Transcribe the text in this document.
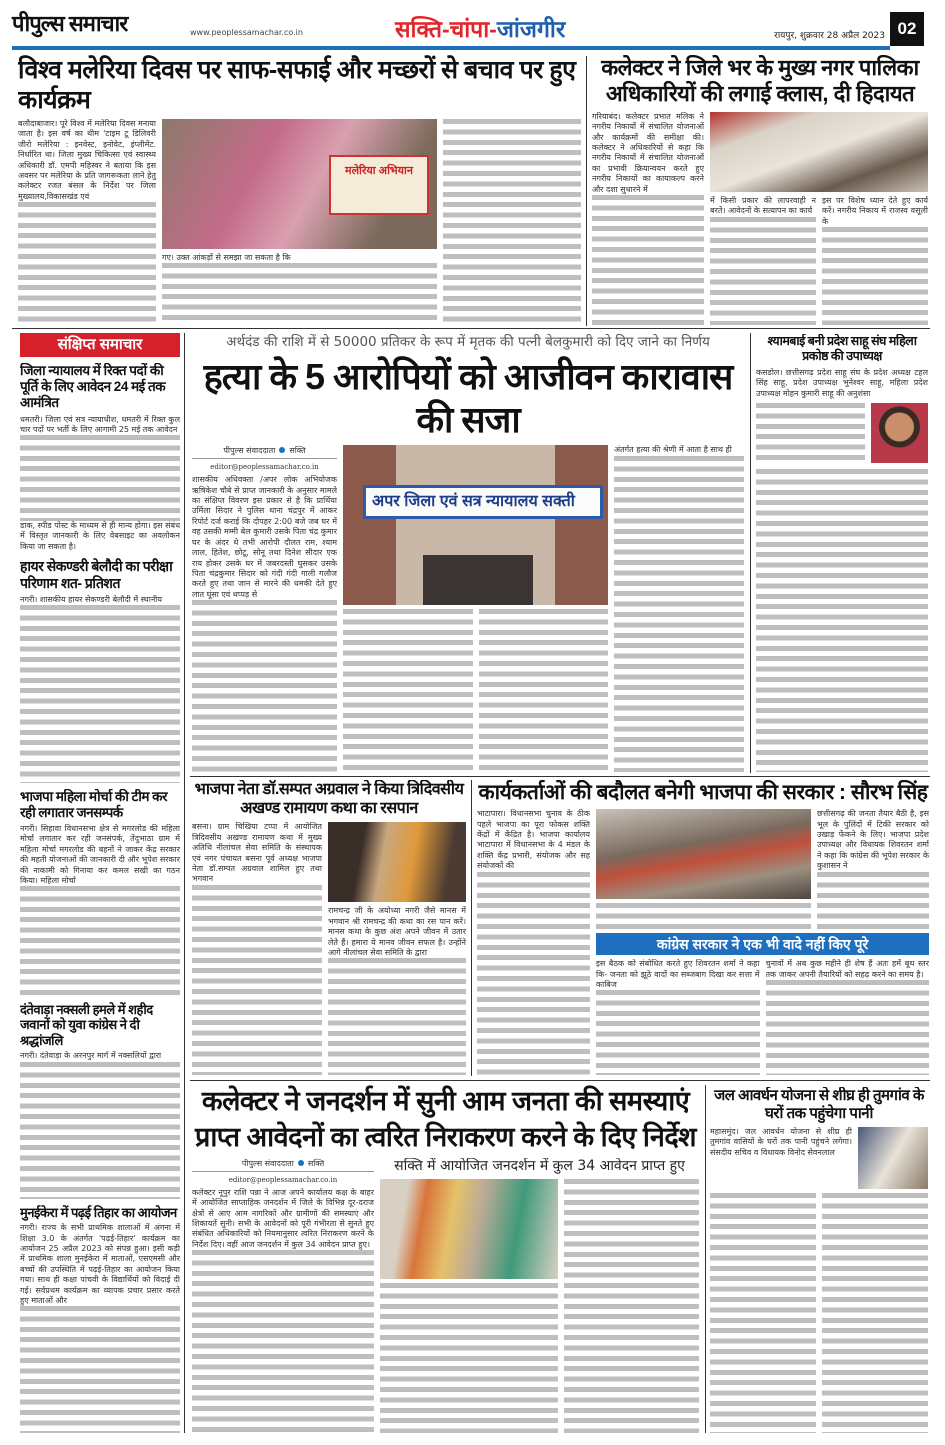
पीपुल्स समाचार	www.peoplessamachar.co.in	सक्ति-चांपा-जांजगीर	रायपुर, शुक्रवार 28 अप्रैल 2023 02
विश्व मलेरिया दिवस पर साफ-सफाई और मच्छरों से बचाव पर हुए कार्यक्रम

बलौदाबाजार। पूरे विश्व में मलेरिया दिवस मनाया जाता है। इस वर्ष का थीम 'टाइम टू डिलिवरी जीरो मलेरिया : इनवेस्ट, इनोवेट, इंप्लीमेंट. निर्धारित था। जिला मुख्य चिकित्सा एवं स्वास्थ्य अधिकारी डॉ. एमपी महिस्वर ने बताया कि इस अवसर पर मलेरिया के प्रति जागरूकता लाने हेतु कलेक्टर रजत बंसल के निर्देश पर जिला मुख्यालय,विकासखंड एवं

मलेरिया अभियान

गए। उक्त आंकड़ों से समझा जा सकता है कि

कलेक्टर ने जिले भर के मुख्य नगर पालिका अधिकारियों की लगाई क्लास, दी हिदायत

गरियाबंद। कलेक्टर प्रभात मलिक ने नगरीय निकायों में संचालित योजनाओं और कार्यक्रमों की समीक्षा की। कलेक्टर ने अधिकारियों से कहा कि नगरीय निकायों में संचालित योजनाओं का प्रभावी क्रियान्वयन करते हुए नगरीय निकायों का कायाकल्प करने और दशा सुधारने में

में किसी प्रकार की लापरवाही न बरतें। आवेदनों के सत्यापन का कार्य

इस पर विशेष ध्यान देते हुए कार्य करें। नगरीय निकाय में राजस्व वसूली के

संक्षिप्त समाचार
जिला न्यायालय में रिक्त पदों की पूर्ति के लिए आवेदन 24 मई तक आमंत्रित

धमतरी। जिला एवं सत्र न्यायाधीश, धमतरी में रिक्त कुल चार पदों पर भर्ती के लिए आगामी 25 मई तक आवेदन

डाक, स्पीड पोस्ट के माध्यम से ही मान्य होगा। इस संबंध में विस्तृत जानकारी के लिए वेबसाइट का अवलोकन किया जा सकता है।

हायर सेकण्डरी बेलौदी का परीक्षा परिणाम शत- प्रतिशत

नगरी। शासकीय हायर सेकण्डरी बेलौदी में स्थानीय

भाजपा महिला मोर्चा की टीम कर रही लगातार जनसम्पर्क

नगरी। सिहावा विधानसभा क्षेत्र से मगरलोड की महिला मोर्चा लगातार कर रही जनसंपर्क, तेंदुभाठा ग्राम में महिला मोर्चा मगरलोड की बहनों ने जाकर केंद्र सरकार की महती योजनाओं की जानकारी दी और भूपेश सरकार की नाकामी को गिनाया कर कमल सखी का गठन किया। महिला मोर्चा

दंतेवाड़ा नक्सली हमले में शहीद जवानों को युवा कांग्रेस ने दी श्रद्धांजलि

नगरी। दंतेवाड़ा के अरनपुर मार्ग में नक्सलियों द्वारा

मुनईकेरा में पढ़ई तिहार का आयोजन

नगरी। राज्य के सभी प्राथमिक शालाओं में अंगना में शिक्षा 3.0 के अंतर्गत 'पढ़ई-तिहार' कार्यक्रम का आयोजन 25 अप्रैल 2023 को संपन्न हुआ। इसी कड़ी में प्राथमिक शाला मुनईकेरा में माताओं, एसएमसी और बच्चों की उपस्थिति में पढ़ई-तिहार का आयोजन किया गया। साथ ही कक्षा पांचवी के विद्यार्थियों को विदाई दी गई। सर्वप्रथम कार्यक्रम का व्यापक प्रचार प्रसार करते हुए माताओं और

अर्थदंड की राशि में से 50000 प्रतिकर के रूप में मृतक की पत्नी बेलकुमारी को दिए जाने का निर्णय
हत्या के 5 आरोपियों को आजीवन कारावास की सजा
पीपुल्स संवाददाता सक्ति
editor@peoplessamachar.co.in

शासकीय अधिवक्ता /अपर लोक अभियोजक ऋषिकेश चौबे से प्राप्त जानकारी के अनुसार मामले का संक्षिप्त विवरण इस प्रकार से है कि प्रार्थिया उर्मिला सिदार ने पुलिस थाना चंद्रपुर में आकर रिपोर्ट दर्ज कराई कि दोपहर 2:00 बजे जब घर में वह उसकी मम्मी बेल कुमारी उसके पिता चंद्र कुमार घर के अंदर थे तभी आरोपी दौलत राम, श्याम लाल, हितेश, छोटू, सोनू तथा दिनेश सीदार एक राय होकर उसके घर में जबरदस्ती घुसकर उसके पिता चंद्रकुमार सिदार को गंदी गंदी गाली गलौज करते हुए तथा जान से मारने की धमकी देते हुए लात घूंसा एवं थप्पड़ से

अपर जिला एवं सत्र न्यायालय सक्ती

अंतर्गत हत्या की श्रेणी में आता है साथ ही

श्यामबाई बनी प्रदेश साहू संघ महिला प्रकोष्ठ की उपाध्यक्ष

कसडोल। छत्तीसगढ़ प्रदेश साहू संघ के प्रदेश अध्यक्ष टहल सिंह साहू, प्रदेश उपाध्यक्ष भुनेश्वर साहू, महिला प्रदेश उपाध्यक्ष मोहन कुमारी साहू की अनुशंसा

भाजपा नेता डॉ.सम्पत अग्रवाल ने किया त्रिदिवसीय अखण्ड रामायण कथा का रसपान

बसना। ग्राम चिखिया टप्पा में आयोजित त्रिदिवसीय अखण्ड रामायण कथा में मुख्य अतिथि नीलांचल सेवा समिति के संस्थापक एवं नगर पंचायत बसना पूर्व अध्यक्ष भाजपा नेता डॉ.सम्पत अग्रवाल शामिल हुए तथा भगवान

रामचन्द्र जी के अयोध्या नगरी जैसे मानस में भगवान श्री रामचन्द्र की कथा का रस पान करें। मानस कथा के कुछ अंश अपने जीवन में उतार लेते हैं। हमारा ये मानव जीवन सफल है। उन्होंने आगे नीलांचल सेवा समिति के द्वारा

कार्यकर्ताओं की बदौलत बनेगी भाजपा की सरकार : सौरभ सिंह

भाटापारा। विधानसभा चुनाव के ठीक पहले भाजपा का पूरा फोकस शक्ति केंद्रों में केंद्रित है। भाजपा कार्यालय भाटापारा में विधानसभा के 4 मंडल के शक्ति केंद्र प्रभारी, संयोजक और सह संयोजकों की

छत्तीसगढ़ की जनता तैयार बैठी है, इस भूल के पुलिंदों में टिकी सरकार को उखाड़ फेंकने के लिए। भाजपा प्रदेश उपाध्यक्ष और विधायक शिवरतन शर्मा ने कहा कि कांग्रेस की भूपेश सरकार के कुशासन ने

कांग्रेस सरकार ने एक भी वादे नहीं किए पूरे

इस बैठक को संबोधित करते हुए शिवरतन शर्मा ने कहा कि- जनता को झूठे वादों का सब्जबाग दिखा कर सत्ता में काबिज

चुनावों में अब कुछ महीने ही शेष हैं अतः हमें बूथ स्तर तक जाकर अपनी तैयारियों को सहढ़ करने का समय है।

कलेक्टर ने जनदर्शन में सुनी आम जनता की समस्याएं
प्राप्त आवेदनों का त्वरित निराकरण करने के दिए निर्देश
पीपुल्स संवाददाता सक्ति
editor@peoplessamachar.co.in

कलेक्टर नूपुर राशि पन्ना ने आज अपने कार्यालय कक्ष के बाहर में आयोजित साप्ताहिक जनदर्शन में जिले के विभिन्न दूर-दराज क्षेत्रों से आए आम नागरिकों और ग्रामीणों की समस्याएं और शिकायतें सुनी। सभी के आवेदनों को पूरी गंभीरता से सुनते हुए संबंधित अधिकारियों को नियमानुसार त्वरित निराकरण करने के निर्देश दिए। वहीं आज जनदर्शन में कुल 34 आवेदन प्राप्त हुए।

सक्ति में आयोजित जनदर्शन में कुल 34 आवेदन प्राप्त हुए
जल आवर्धन योजना से शीघ्र ही तुमगांव के घरों तक पहुंचेगा पानी

महासमुंद। जल आवर्धन योजना से शीघ्र ही तुमगांव वासियों के घरों तक पानी पहुंचने लगेगा। संसदीय सचिव व विधायक विनोद सेवनलाल
